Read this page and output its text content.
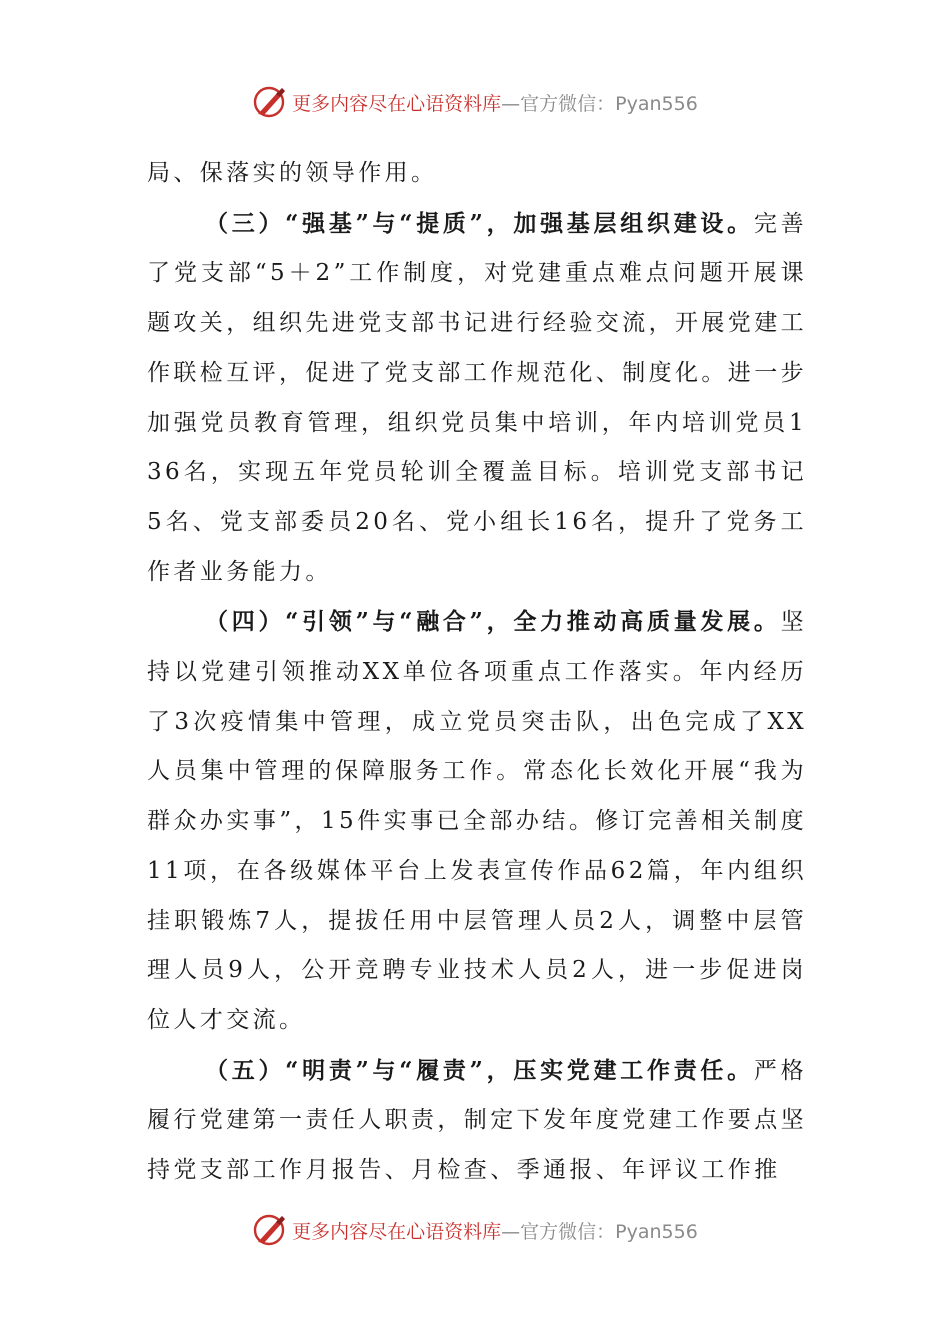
更多内容尽在心语资料库 —官方微信：Pyan556

局、保落实的领导作用。

（三）“强基”与“提质”，加强基层组织建设。完善了党支部“5＋2”工作制度，对党建重点难点问题开展课题攻关，组织先进党支部书记进行经验交流，开展党建工作联检互评，促进了党支部工作规范化、制度化。进一步加强党员教育管理，组织党员集中培训，年内培训党员136名，实现五年党员轮训全覆盖目标。培训党支部书记5名、党支部委员20名、党小组长16名，提升了党务工作者业务能力。

（四）“引领”与“融合”，全力推动高质量发展。坚持以党建引领推动XX单位各项重点工作落实。年内经历了3次疫情集中管理，成立党员突击队，出色完成了XX人员集中管理的保障服务工作。常态化长效化开展“我为群众办实事”，15件实事已全部办结。修订完善相关制度11项，在各级媒体平台上发表宣传作品62篇，年内组织挂职锻炼7人，提拔任用中层管理人员2人，调整中层管理人员9人，公开竞聘专业技术人员2人，进一步促进岗位人才交流。

（五）“明责”与“履责”，压实党建工作责任。严格履行党建第一责任人职责，制定下发年度党建工作要点坚持党支部工作月报告、月检查、季通报、年评议工作推

更多内容尽在心语资料库 —官方微信：Pyan556
